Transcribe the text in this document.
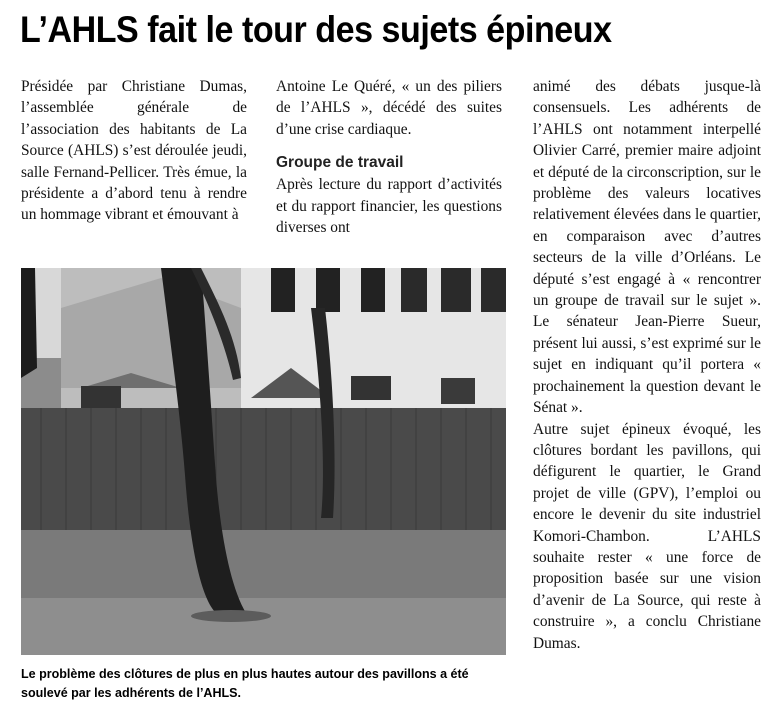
L’AHLS fait le tour des sujets épineux

Présidée par Christiane Dumas, l’assemblée générale de l’association des habitants de La Source (AHLS) s’est déroulée jeudi, salle Fernand-Pellicer. Très émue, la présidente a d’abord tenu à rendre un hommage vibrant et émouvant à

Antoine Le Quéré, « un des piliers de l’AHLS », décédé des suites d’une crise cardiaque.

Groupe de travail

Après lecture du rapport d’activités et du rapport financier, les questions diverses ont

animé des débats jusque-là consensuels. Les adhérents de l’AHLS ont notamment interpellé Olivier Carré, premier maire adjoint et député de la circonscription, sur le problème des valeurs locatives relativement élevées dans le quartier, en comparaison avec d’autres secteurs de la ville d’Orléans. Le député s’est engagé à « rencontrer un groupe de travail sur le sujet ». Le sénateur Jean-Pierre Sueur, présent lui aussi, s’est exprimé sur le sujet en indiquant qu’il portera « prochainement la question devant le Sénat ».

Autre sujet épineux évoqué, les clôtures bordant les pavillons, qui défigurent le quartier, le Grand projet de ville (GPV), l’emploi ou encore le devenir du site industriel Komori-Chambon. L’AHLS souhaite rester « une force de proposition basée sur une vision d’avenir de La Source, qui reste à construire », a conclu Christiane Dumas.

Le problème des clôtures de plus en plus hautes autour des pavillons a été soulevé par les adhérents de l’AHLS.
